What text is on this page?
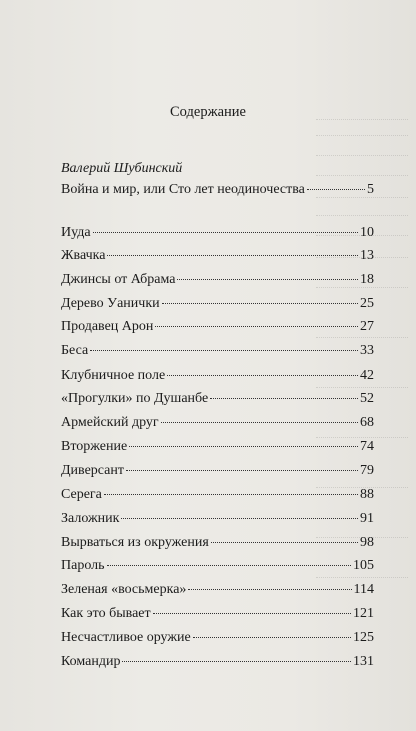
Содержание
Валерий Шубинский
Война и мир, или Сто лет неодиночества	5
Иуда	10
Жвачка	13
Джинсы от Абрама	18
Дерево Уанички	25
Продавец Арон	27
Беса	33
Клубничное поле	42
«Прогулки» по Душанбе	52
Армейский друг	68
Вторжение	74
Диверсант	79
Серега	88
Заложник	91
Вырваться из окружения	98
Пароль	105
Зеленая «восьмерка»	114
Как это бывает	121
Несчастливое оружие	125
Командир	131
